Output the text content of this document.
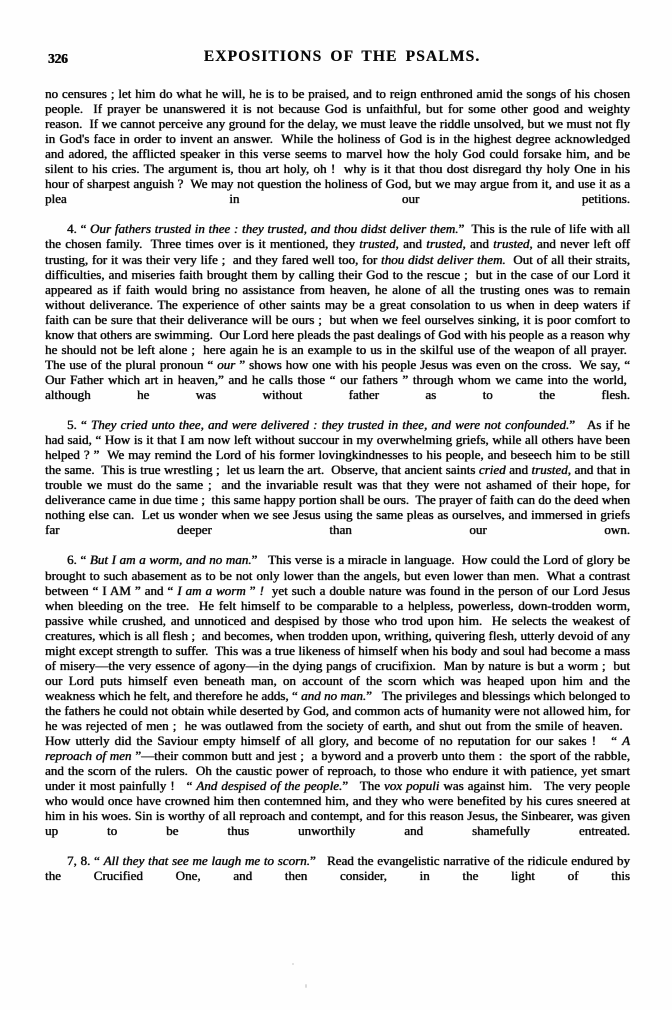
326	EXPOSITIONS OF THE PSALMS.

no censures ; let him do what he will, he is to be praised, and to reign enthroned amid the songs of his chosen people.  If prayer be unanswered it is not because God is unfaithful, but for some other good and weighty reason.  If we cannot perceive any ground for the delay, we must leave the riddle unsolved, but we must not fly in God's face in order to invent an answer.  While the holiness of God is in the highest degree acknowledged and adored, the afflicted speaker in this verse seems to marvel how the holy God could forsake him, and be silent to his cries. The argument is, thou art holy, oh !  why is it that thou dost disregard thy holy One in his hour of sharpest anguish ?  We may not question the holiness of God, but we may argue from it, and use it as a plea in our petitions.

4. “ Our fathers trusted in thee : they trusted, and thou didst deliver them.”  This is the rule of life with all the chosen family.  Three times over is it mentioned, they trusted, and trusted, and trusted, and never left off trusting, for it was their very life ;  and they fared well too, for thou didst deliver them.  Out of all their straits, difficulties, and miseries faith brought them by calling their God to the rescue ;  but in the case of our Lord it appeared as if faith would bring no assistance from heaven, he alone of all the trusting ones was to remain without deliverance. The experience of other saints may be a great consolation to us when in deep waters if faith can be sure that their deliverance will be ours ;  but when we feel ourselves sinking, it is poor comfort to know that others are swimming.  Our Lord here pleads the past dealings of God with his people as a reason why he should not be left alone ;  here again he is an example to us in the skilful use of the weapon of all prayer.  The use of the plural pronoun “ our ” shows how one with his people Jesus was even on the cross.  We say, “ Our Father which art in heaven,” and he calls those “ our fathers ” through whom we came into the world,  although he was without father as to the flesh.

5. “ They cried unto thee, and were delivered : they trusted in thee, and were not confounded.”   As if he had said, “ How is it that I am now left without succour in my overwhelming griefs, while all others have been helped ? ”  We may remind the Lord of his former lovingkindnesses to his people, and beseech him to be still the same.  This is true wrestling ;  let us learn the art.  Observe, that ancient saints cried and trusted, and that in trouble we must do the same ;  and the invariable result was that they were not ashamed of their hope, for deliverance came in due time ;  this same happy portion shall be ours.  The prayer of faith can do the deed when nothing else can.  Let us wonder when we see Jesus using the same pleas as ourselves, and immersed in griefs far deeper than our own.

6. “ But I am a worm, and no man.”   This verse is a miracle in language.  How could the Lord of glory be brought to such abasement as to be not only lower than the angels, but even lower than men.  What a contrast between “ I AM ” and “ I am a worm ” !  yet such a double nature was found in the person of our Lord Jesus when bleeding on the tree.  He felt himself to be comparable to a helpless, powerless, down-trodden worm, passive while crushed, and unnoticed and despised by those who trod upon him.  He selects the weakest of creatures, which is all flesh ;  and becomes, when trodden upon, writhing, quivering flesh, utterly devoid of any might except strength to suffer.  This was a true likeness of himself when his body and soul had become a mass of misery—the very essence of agony—in the dying pangs of crucifixion.  Man by nature is but a worm ;  but our Lord puts himself even beneath man, on account of the scorn which was heaped upon him and the weakness which he felt, and therefore he adds, “ and no man.”   The privileges and blessings which belonged to the fathers he could not obtain while deserted by God, and common acts of humanity were not allowed him, for he was rejected of men ;  he was outlawed from the society of earth, and shut out from the smile of heaven.   How utterly did the Saviour empty himself of all glory, and become of no reputation for our sakes !   “ A reproach of men ”—their common butt and jest ;  a byword and a proverb unto them :  the sport of the rabble, and the scorn of the rulers.  Oh the caustic power of reproach, to those who endure it with patience, yet smart under it most painfully !   “ And despised of the people.”   The vox populi was against him.   The very people who would once have crowned him then contemned him, and they who were benefited by his cures sneered at him in his woes. Sin is worthy of all reproach and contempt, and for this reason Jesus, the Sinbearer, was given up to be thus unworthily and shamefully entreated.

7, 8. “ All they that see me laugh me to scorn.”   Read the evangelistic narrative of the ridicule endured by the Crucified One, and then consider, in the light of this
